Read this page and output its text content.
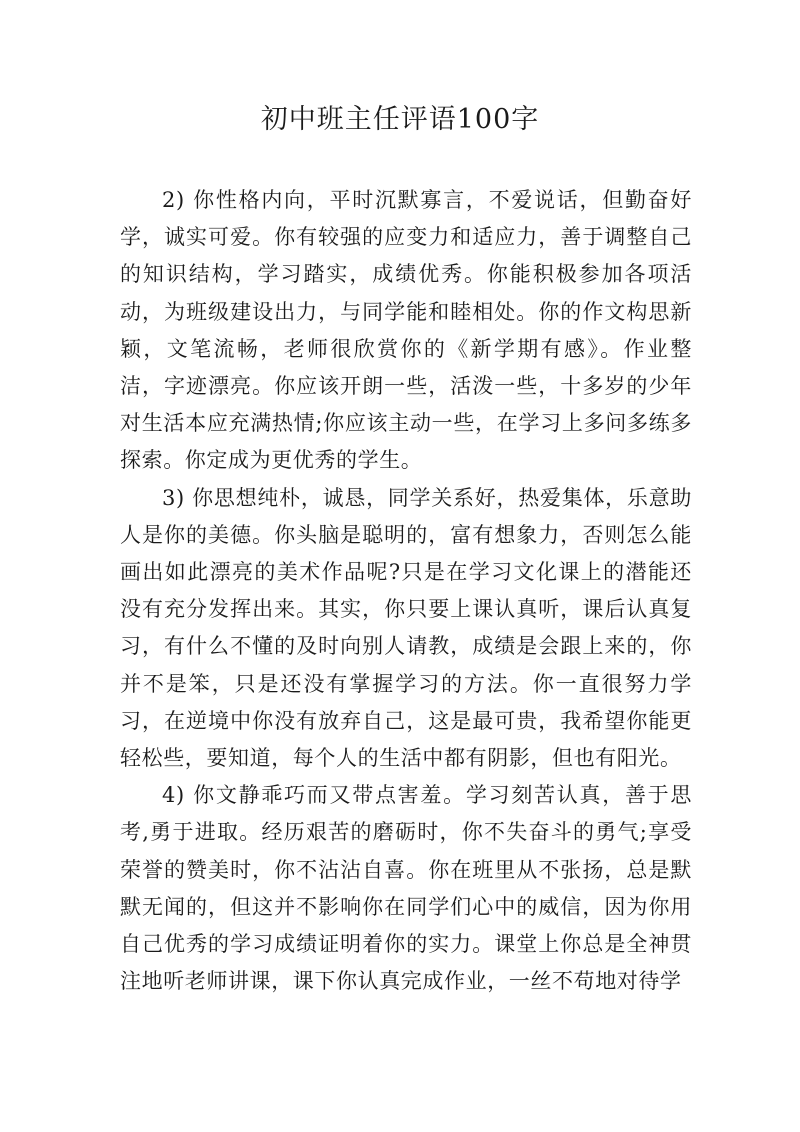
初中班主任评语100字

2) 你性格内向，平时沉默寡言，不爱说话，但勤奋好学，诚实可爱。你有较强的应变力和适应力，善于调整自己的知识结构，学习踏实，成绩优秀。你能积极参加各项活动，为班级建设出力，与同学能和睦相处。你的作文构思新颖，文笔流畅，老师很欣赏你的《新学期有感》。作业整洁，字迹漂亮。你应该开朗一些，活泼一些，十多岁的少年对生活本应充满热情;你应该主动一些，在学习上多问多练多探索。你定成为更优秀的学生。

3) 你思想纯朴，诚恳，同学关系好，热爱集体，乐意助人是你的美德。你头脑是聪明的，富有想象力，否则怎么能画出如此漂亮的美术作品呢?只是在学习文化课上的潜能还没有充分发挥出来。其实，你只要上课认真听，课后认真复习，有什么不懂的及时向别人请教，成绩是会跟上来的，你并不是笨，只是还没有掌握学习的方法。你一直很努力学习，在逆境中你没有放弃自己，这是最可贵，我希望你能更轻松些，要知道，每个人的生活中都有阴影，但也有阳光。

4) 你文静乖巧而又带点害羞。学习刻苦认真，善于思考,勇于进取。经历艰苦的磨砺时，你不失奋斗的勇气;享受荣誉的赞美时，你不沾沾自喜。你在班里从不张扬，总是默默无闻的，但这并不影响你在同学们心中的威信，因为你用自己优秀的学习成绩证明着你的实力。课堂上你总是全神贯注地听老师讲课，课下你认真完成作业，一丝不苟地对待学
